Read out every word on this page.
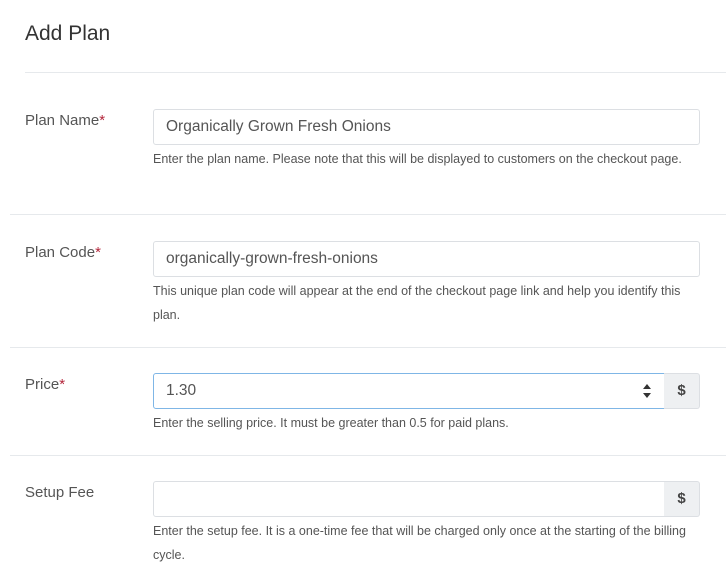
Add Plan
Plan Name*	Organically Grown Fresh Onions
Enter the plan name. Please note that this will be displayed to customers on the checkout page.
Plan Code*	organically-grown-fresh-onions
This unique plan code will appear at the end of the checkout page link and help you identify this plan.
Price*	1.30	$
Enter the selling price. It must be greater than 0.5 for paid plans.
Setup Fee	$
Enter the setup fee. It is a one-time fee that will be charged only once at the starting of the billing cycle.
